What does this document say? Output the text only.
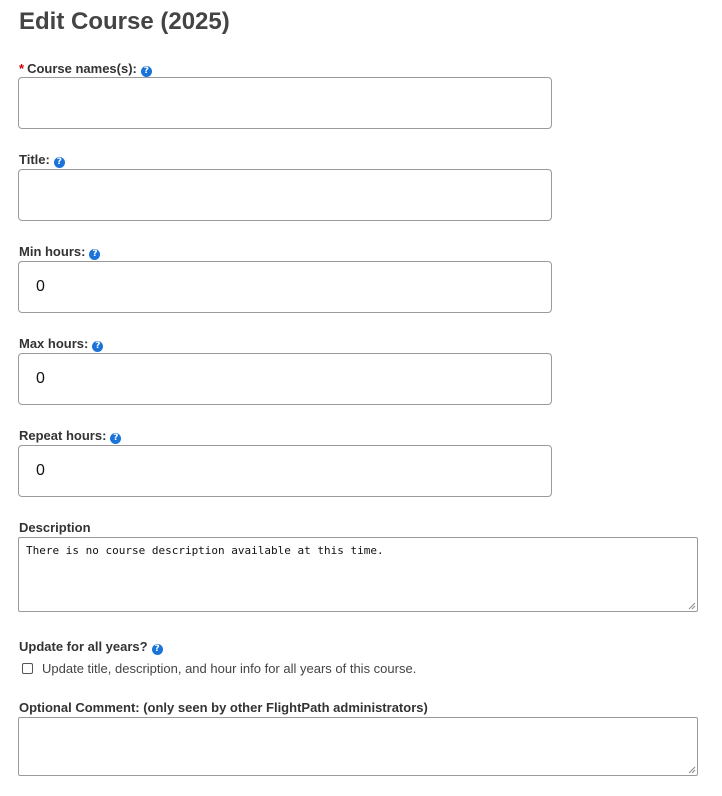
Edit Course (2025)
* Course names(s): ?
Title: ?
Min hours: ?
0
Max hours: ?
0
Repeat hours: ?
0
Description
There is no course description available at this time.
Update for all years? ?
Update title, description, and hour info for all years of this course.
Optional Comment: (only seen by other FlightPath administrators)
